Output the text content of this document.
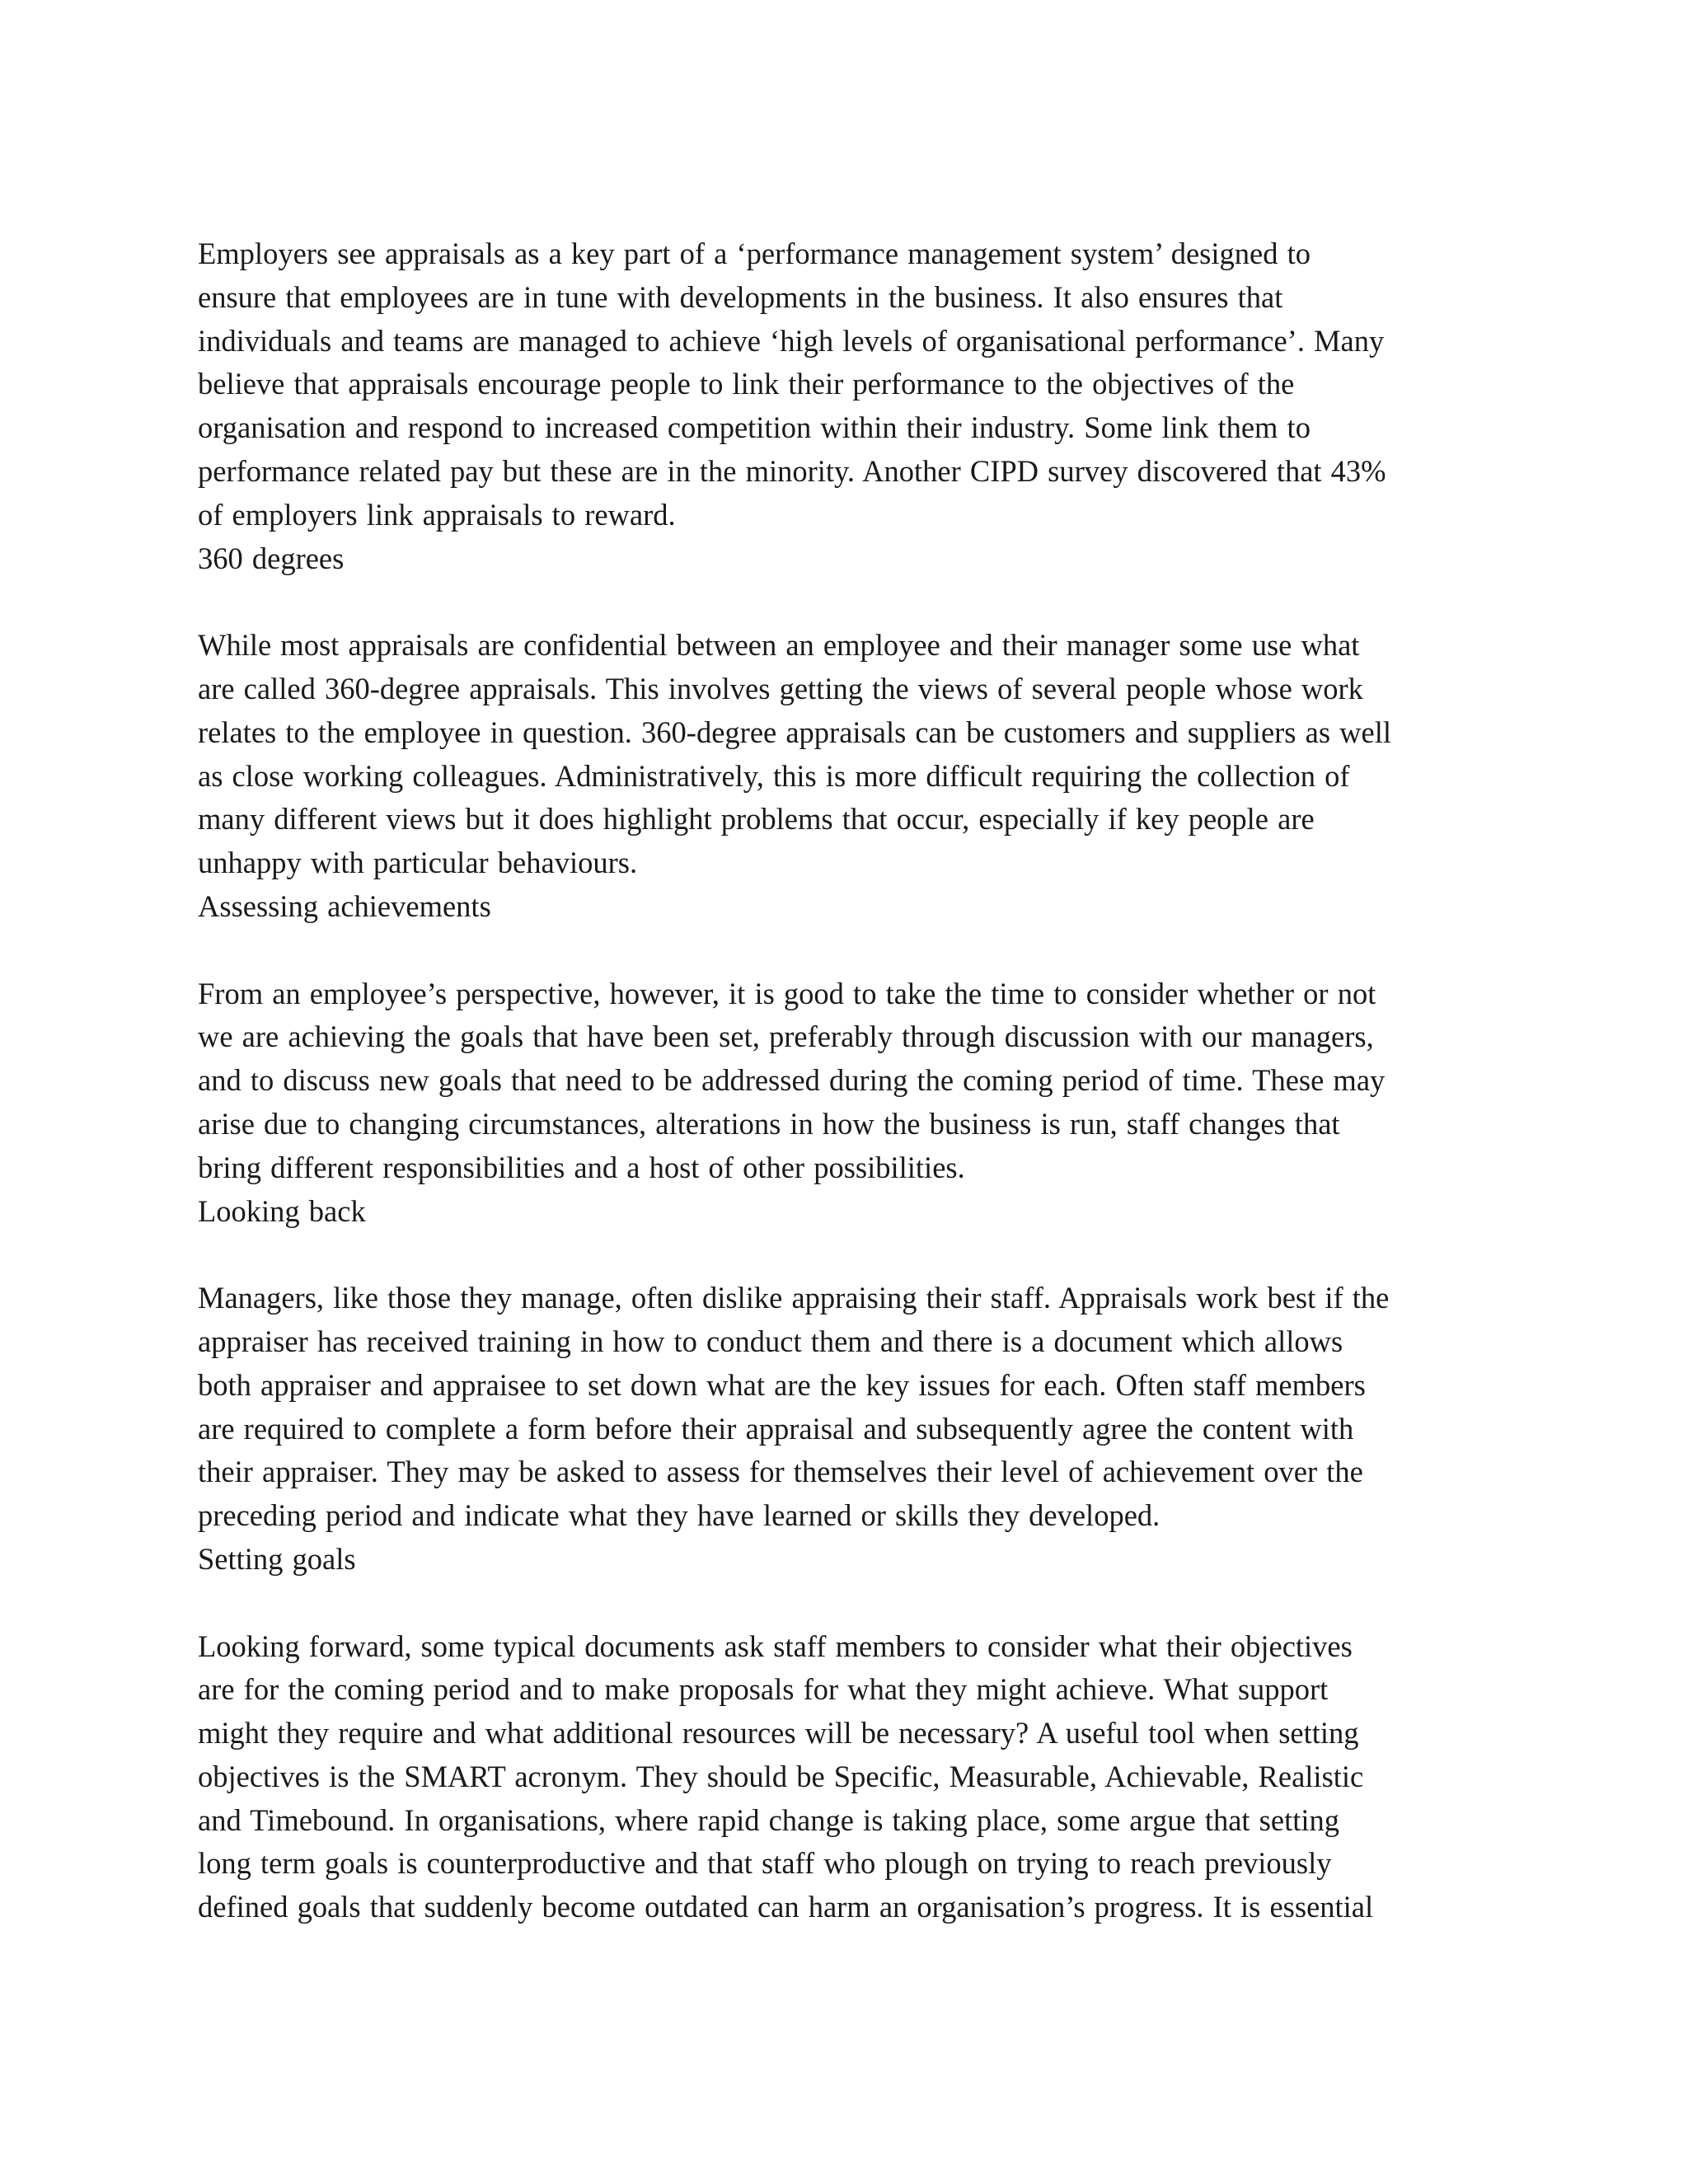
Employers see appraisals as a key part of a ‘performance management system’ designed to
ensure that employees are in tune with developments in the business. It also ensures that
individuals and teams are managed to achieve ‘high levels of organisational performance’. Many
believe that appraisals encourage people to link their performance to the objectives of the
organisation and respond to increased competition within their industry. Some link them to
performance related pay but these are in the minority. Another CIPD survey discovered that 43%
of employers link appraisals to reward.
360 degrees
While most appraisals are confidential between an employee and their manager some use what
are called 360-degree appraisals. This involves getting the views of several people whose work
relates to the employee in question. 360-degree appraisals can be customers and suppliers as well
as close working colleagues. Administratively, this is more difficult requiring the collection of
many different views but it does highlight problems that occur, especially if key people are
unhappy with particular behaviours.
Assessing achievements
From an employee’s perspective, however, it is good to take the time to consider whether or not
we are achieving the goals that have been set, preferably through discussion with our managers,
and to discuss new goals that need to be addressed during the coming period of time. These may
arise due to changing circumstances, alterations in how the business is run, staff changes that
bring different responsibilities and a host of other possibilities.
Looking back
Managers, like those they manage, often dislike appraising their staff. Appraisals work best if the
appraiser has received training in how to conduct them and there is a document which allows
both appraiser and appraisee to set down what are the key issues for each. Often staff members
are required to complete a form before their appraisal and subsequently agree the content with
their appraiser. They may be asked to assess for themselves their level of achievement over the
preceding period and indicate what they have learned or skills they developed.
Setting goals
Looking forward, some typical documents ask staff members to consider what their objectives
are for the coming period and to make proposals for what they might achieve. What support
might they require and what additional resources will be necessary? A useful tool when setting
objectives is the SMART acronym. They should be Specific, Measurable, Achievable, Realistic
and Timebound. In organisations, where rapid change is taking place, some argue that setting
long term goals is counterproductive and that staff who plough on trying to reach previously
defined goals that suddenly become outdated can harm an organisation’s progress. It is essential
